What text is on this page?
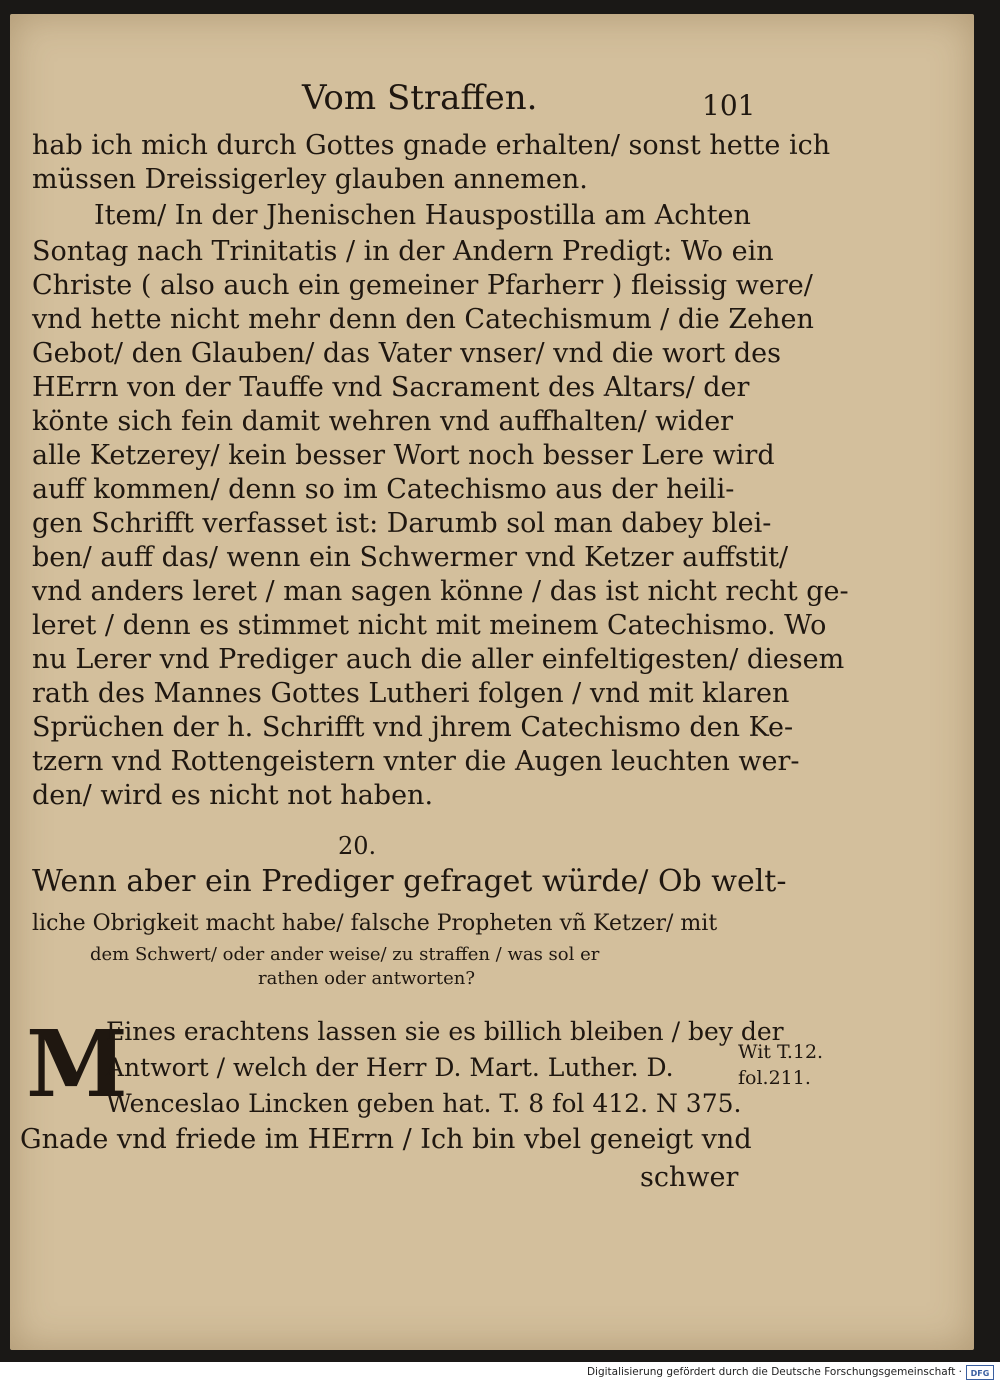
Vom Straffen.	101
hab ich mich durch Gottes gnade erhalten/ sonst hette ich
müssen Dreissigerley glauben annemen.
Item/ In der Jhenischen Hauspostilla am Achten
Sontag nach Trinitatis / in der Andern Predigt: Wo ein
Christe ( also auch ein gemeiner Pfarherr ) fleissig were/
vnd hette nicht mehr denn den Catechismum / die Zehen
Gebot/ den Glauben/ das Vater vnser/ vnd die wort des
HErrn von der Tauffe vnd Sacrament des Altars/ der
könte sich fein damit wehren vnd auffhalten/ wider
alle Ketzerey/ kein besser Wort noch besser Lere wird
auff kommen/ denn so im Catechismo aus der heili-
gen Schrifft verfasset ist: Darumb sol man dabey blei-
ben/ auff das/ wenn ein Schwermer vnd Ketzer auffstit/
vnd anders leret / man sagen könne / das ist nicht recht ge-
leret / denn es stimmet nicht mit meinem Catechismo. Wo
nu Lerer vnd Prediger auch die aller einfeltigesten/ diesem
rath des Mannes Gottes Lutheri folgen / vnd mit klaren
Sprüchen der h. Schrifft vnd jhrem Catechismo den Ke-
tzern vnd Rottengeistern vnter die Augen leuchten wer-
den/ wird es nicht not haben.
20.
Wenn aber ein Prediger gefraget würde/ Ob welt-
liche Obrigkeit macht habe/ falsche Propheten vñ Ketzer/ mit
dem Schwert/ oder ander weise/ zu straffen / was sol er
rathen oder antworten?
M
Eines erachtens lassen sie es billich bleiben / bey der
Antwort / welch der Herr D. Mart. Luther. D.
Wenceslao Lincken geben hat. T. 8 fol 412. N 375.
Gnade vnd friede im HErrn / Ich bin vbel geneigt vnd
schwer
Wit T.12.
fol.211.
Digitalisierung gefördert durch die Deutsche Forschungsgemeinschaft ·	DFG
